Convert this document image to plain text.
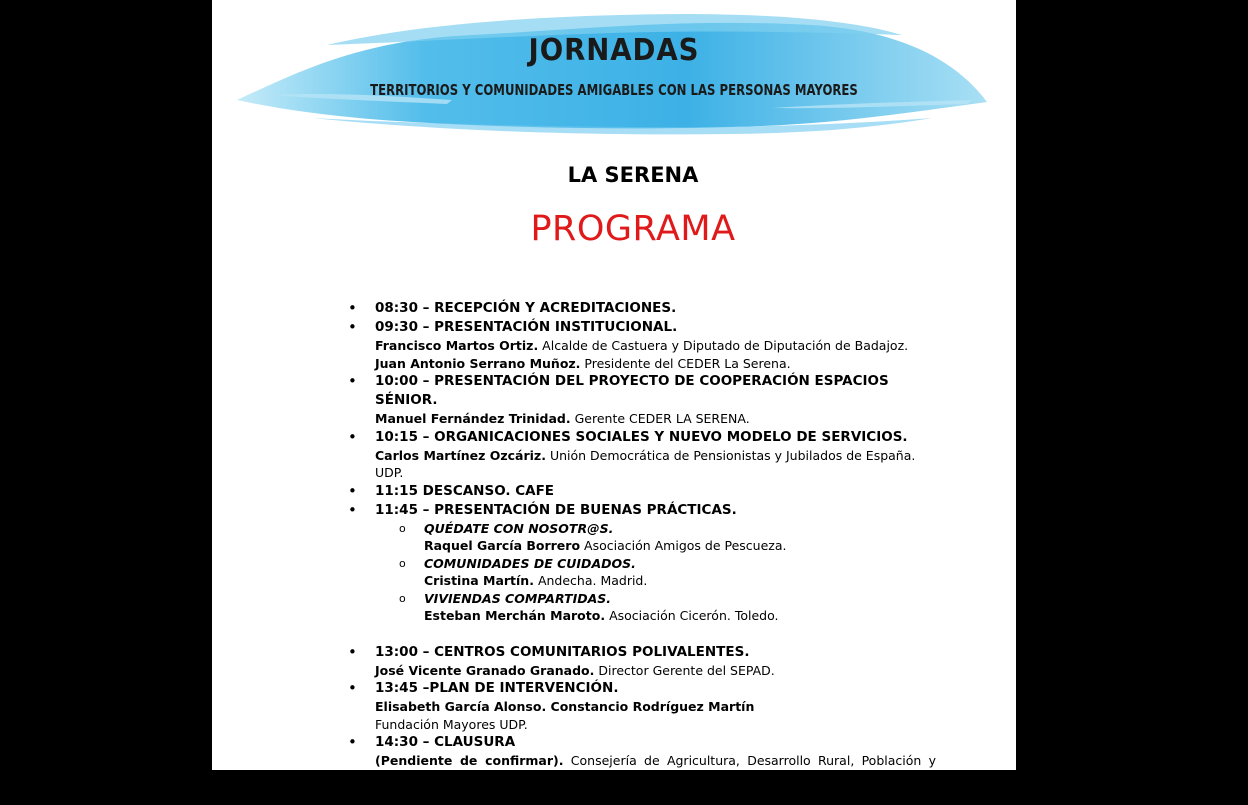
JORNADAS
TERRITORIOS Y COMUNIDADES AMIGABLES CON LAS PERSONAS MAYORES
LA SERENA
PROGRAMA
• 08:30 – RECEPCIÓN Y ACREDITACIONES.
• 09:30 – PRESENTACIÓN INSTITUCIONAL.
Francisco Martos Ortiz. Alcalde de Castuera y Diputado de Diputación de Badajoz.
Juan Antonio Serrano Muñoz. Presidente del CEDER La Serena.
• 10:00 – PRESENTACIÓN DEL PROYECTO DE COOPERACIÓN ESPACIOS SÉNIOR.
Manuel Fernández Trinidad. Gerente CEDER LA SERENA.
• 10:15 – ORGANICACIONES SOCIALES Y NUEVO MODELO DE SERVICIOS.
Carlos Martínez Ozcáriz. Unión Democrática de Pensionistas y Jubilados de España. UDP.
• 11:15 DESCANSO. CAFE
• 11:45 – PRESENTACIÓN DE BUENAS PRÁCTICAS.
o QUÉDATE CON NOSOTR@S.
Raquel García Borrero Asociación Amigos de Pescueza.
o COMUNIDADES DE CUIDADOS.
Cristina Martín. Andecha. Madrid.
o VIVIENDAS COMPARTIDAS.
Esteban Merchán Maroto. Asociación Cicerón. Toledo.
• 13:00 – CENTROS COMUNITARIOS POLIVALENTES.
José Vicente Granado Granado. Director Gerente del SEPAD.
• 13:45 –PLAN DE INTERVENCIÓN.
Elisabeth García Alonso. Constancio Rodríguez Martín
Fundación Mayores UDP.
• 14:30 – CLAUSURA
(Pendiente de confirmar). Consejería de Agricultura, Desarrollo Rural, Población y Territorio.
